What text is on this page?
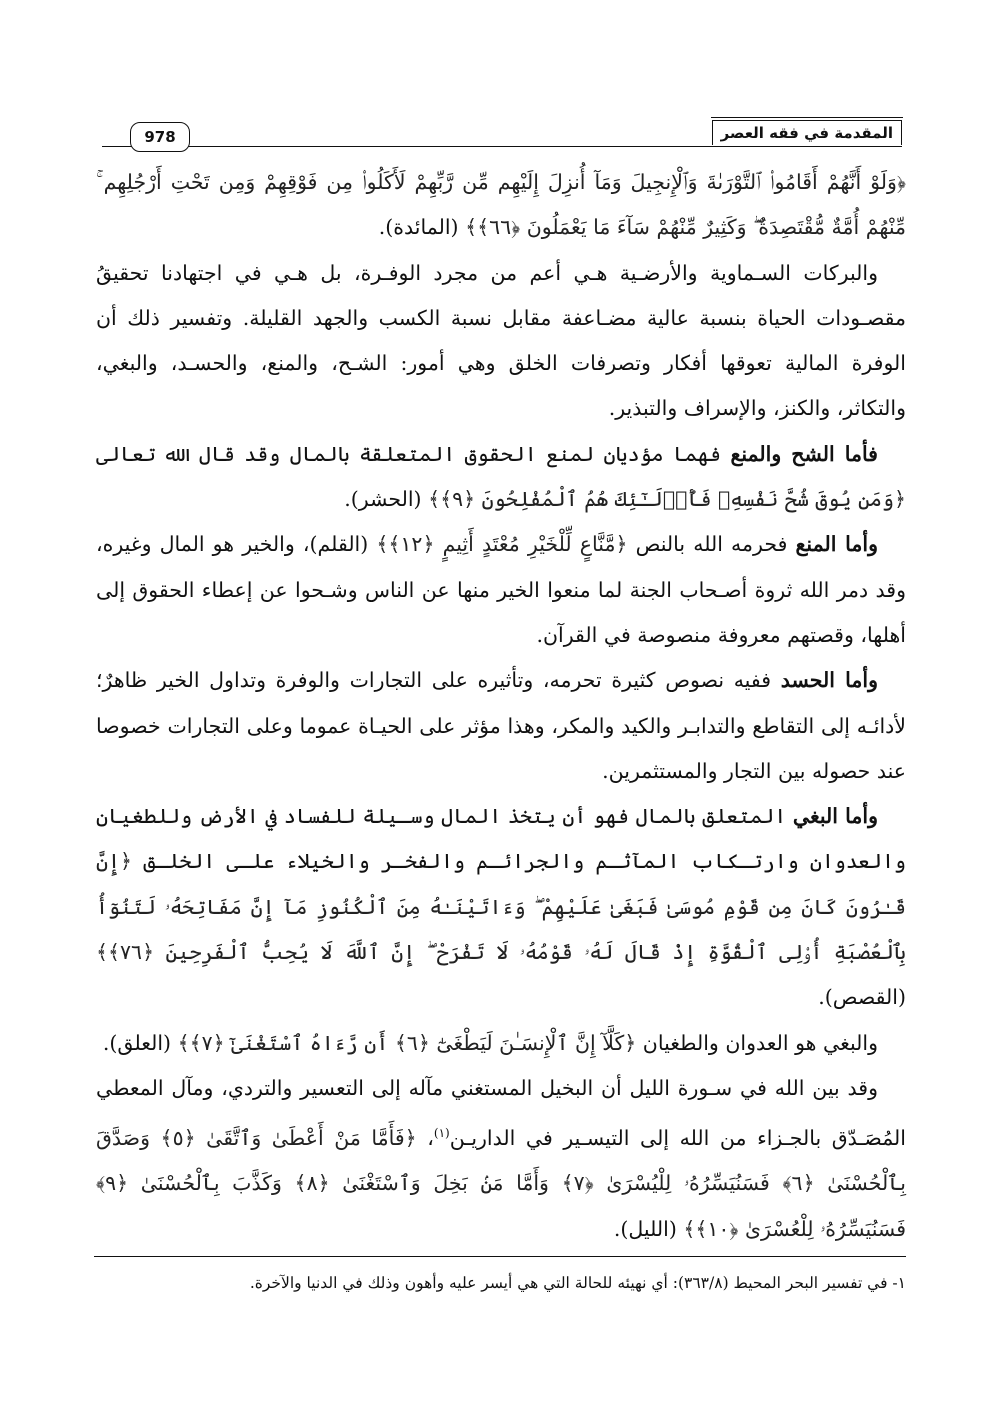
المقدمة في فقه العصر
978

﴿وَلَوْ أَنَّهُمْ أَقَامُوا۟ ٱلتَّوْرَىٰةَ وَٱلْإِنجِيلَ وَمَآ أُنزِلَ إِلَيْهِم مِّن رَّبِّهِمْ لَأَكَلُوا۟ مِن فَوْقِهِمْ وَمِن تَحْتِ أَرْجُلِهِم ۚ مِّنْهُمْ أُمَّةٌ مُّقْتَصِدَةٌ ۖ وَكَثِيرٌ مِّنْهُمْ سَآءَ مَا يَعْمَلُونَ ﴿٦٦﴾﴾ (المائدة).

والبركات السـماوية والأرضـية هـي أعم من مجرد الوفـرة، بل هـي في اجتهادنا تحقيقُ مقصـودات الحياة بنسبة عالية مضـاعفة مقابل نسبة الكسب والجهد القليلة. وتفسير ذلك أن الوفرة المالية تعوقها أفكار وتصرفات الخلق وهي أمور: الشـح، والمنع، والحسـد، والبغي، والتكاثر، والكنز، والإسراف والتبذير.

فأما الشح والمنع فهما مؤديان لمنع الحقوق المتعلقة بالمال وقد قال الله تعالى ﴿وَمَن يُوقَ شُحَّ نَفْسِهِۦ فَأُو۟لَـٰٓئِكَ هُمُ ٱلْمُفْلِحُونَ ﴿٩﴾﴾ (الحشر).

وأما المنع فحرمه الله بالنص ﴿مَّنَّاعٍ لِّلْخَيْرِ مُعْتَدٍ أَثِيمٍ ﴿١٢﴾﴾ (القلم)، والخير هو المال وغيره، وقد دمر الله ثروة أصـحاب الجنة لما منعوا الخير منها عن الناس وشـحوا عن إعطاء الحقوق إلى أهلها، وقصتهم معروفة منصوصة في القرآن.

وأما الحسد ففيه نصوص كثيرة تحرمه، وتأثيره على التجارات والوفرة وتداول الخير ظاهرٌ؛ لأدائـه إلى التقاطع والتدابـر والكيد والمكر، وهذا مؤثر على الحيـاة عموما وعلى التجارات خصوصا عند حصوله بين التجار والمستثمرين.

وأما البغي المتعلق بالمال فهو أن يتخذ المال وسـيلة للفساد في الأرض وللطغيان والعدوان وارتـكاب المآثـم والجرائـم والفخـر والخيلاء علـى الخلـق ﴿إِنَّ قَـٰرُونَ كَانَ مِن قَوْمِ مُوسَىٰ فَبَغَىٰ عَلَيْهِمْ ۖ وَءَاتَيْنَـٰهُ مِنَ ٱلْكُنُوزِ مَآ إِنَّ مَفَاتِحَهُۥ لَتَنُوٓأُ بِٱلْعُصْبَةِ أُو۟لِى ٱلْقُوَّةِ إِذْ قَالَ لَهُۥ قَوْمُهُۥ لَا تَفْرَحْ ۖ إِنَّ ٱللَّهَ لَا يُحِبُّ ٱلْفَرِحِينَ ﴿٧٦﴾﴾ (القصص).

والبغي هو العدوان والطغيان ﴿كَلَّآ إِنَّ ٱلْإِنسَـٰنَ لَيَطْغَىٰٓ ﴿٦﴾ أَن رَّءَاهُ ٱسْتَغْنَىٰٓ ﴿٧﴾﴾ (العلق).

وقد بين الله في سـورة الليل أن البخيل المستغني مآله إلى التعسير والتردي، ومآل المعطي المُصَـدّق بالجـزاء من الله إلى التيسـير في الداريـن$^{(١)}$، ﴿فَأَمَّا مَنْ أَعْطَىٰ وَٱتَّقَىٰ ﴿٥﴾ وَصَدَّقَ بِٱلْحُسْنَىٰ ﴿٦﴾ فَسَنُيَسِّرُهُۥ لِلْيُسْرَىٰ ﴿٧﴾ وَأَمَّا مَنۢ بَخِلَ وَٱسْتَغْنَىٰ ﴿٨﴾ وَكَذَّبَ بِٱلْحُسْنَىٰ ﴿٩﴾ فَسَنُيَسِّرُهُۥ لِلْعُسْرَىٰ ﴿١٠﴾﴾ (الليل).

١- في تفسير البحر المحيط (٣٦٣/٨): أي نهيئه للحالة التي هي أيسر عليه وأهون وذلك في الدنيا والآخرة.
